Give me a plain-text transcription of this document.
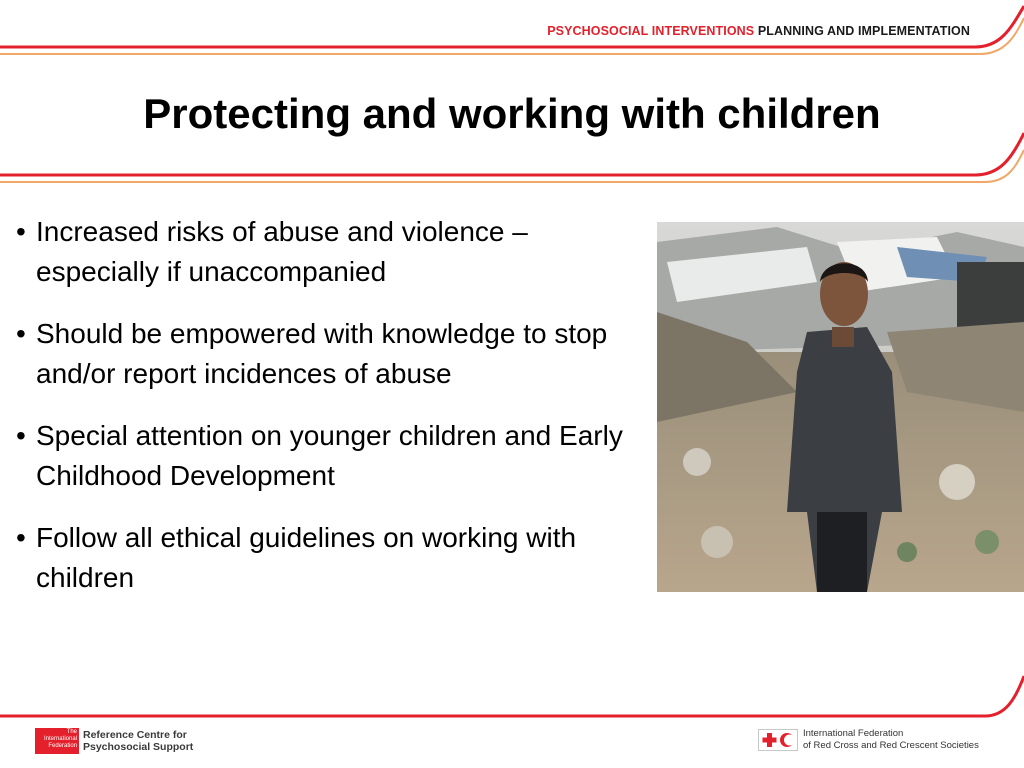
PSYCHOSOCIAL INTERVENTIONS PLANNING AND IMPLEMENTATION
Protecting and working with children
• Increased risks of abuse and violence – especially if unaccompanied
• Should be empowered with knowledge to stop and/or report incidences of abuse
• Special attention on younger children and Early Childhood Development
• Follow all ethical guidelines on working with children
The
International
Federation
Reference Centre for
Psychosocial Support
International Federation
of Red Cross and Red Crescent Societies
